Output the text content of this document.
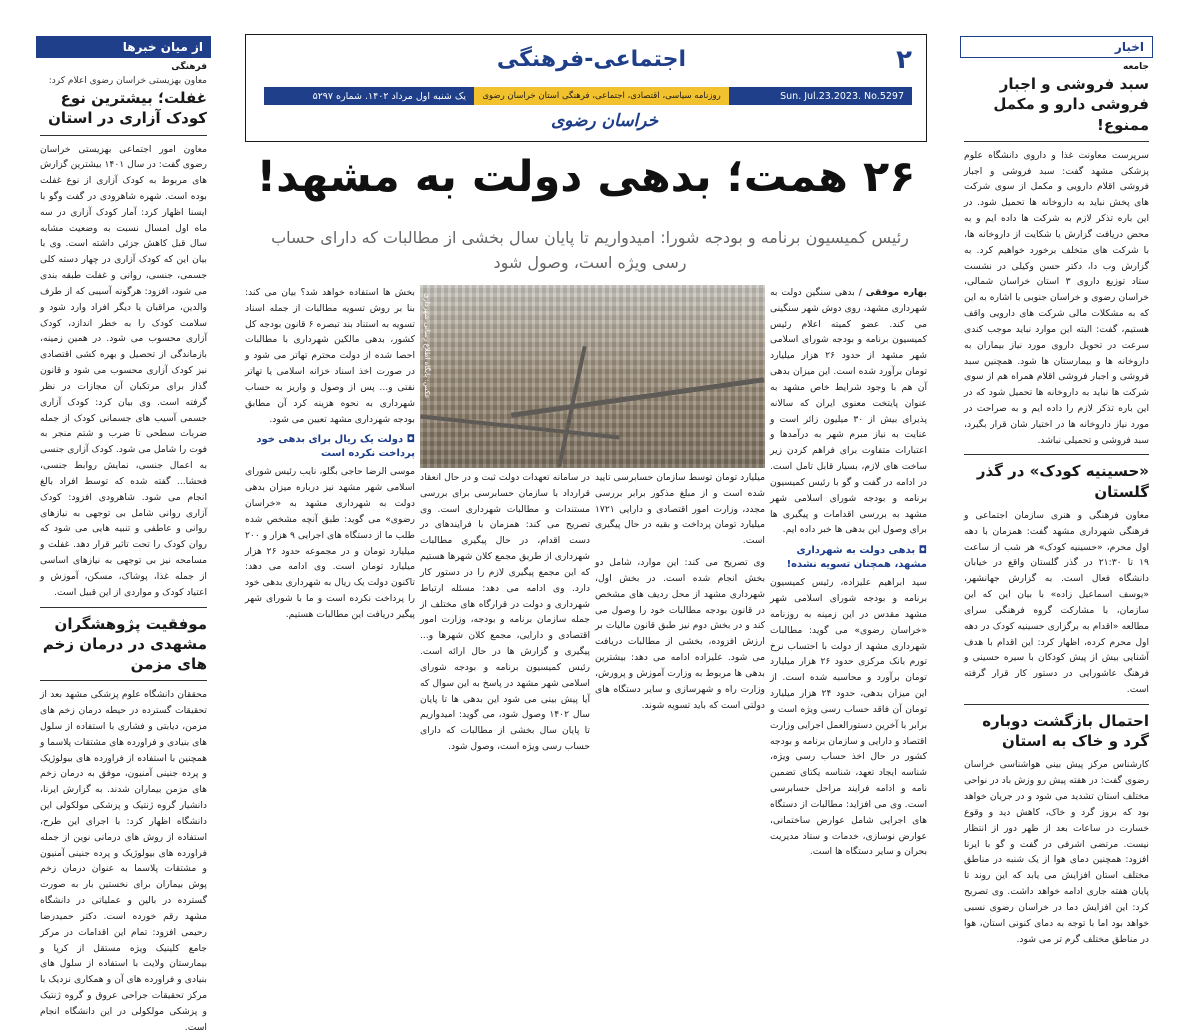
از میان خبرها
فرهنگی
معاون بهزیستی خراسان رضوی اعلام کرد:
غفلت؛ بیشترین نوع کودک آزاری در استان

معاون امور اجتماعی بهزیستی خراسان رضوی گفت: در سال ۱۴۰۱ بیشترین گزارش های مربوط به کودک آزاری از نوع غفلت بوده است. شهره شاهرودی در گفت وگو با ایسنا اظهار کرد: آمار کودک آزاری در سه ماه اول امسال نسبت به وضعیت مشابه سال قبل کاهش جزئی داشته است. وی با بیان این که کودک آزاری در چهار دسته کلی جسمی، جنسی، روانی و غفلت طبقه بندی می شود، افزود: هرگونه آسیبی که از طرف والدین، مراقبان یا دیگر افراد وارد شود و سلامت کودک را به خطر اندازد، کودک آزاری محسوب می شود. در همین زمینه، بازماندگی از تحصیل و بهره کشی اقتصادی نیز کودک آزاری محسوب می شود و قانون گذار برای مرتکبان آن مجازات در نظر گرفته است. وی بیان کرد: کودک آزاری جسمی آسیب های جسمانی کودک از جمله ضربات سطحی تا ضرب و شتم منجر به فوت را شامل می شود. کودک آزاری جنسی به اعمال جنسی، نمایش روابط جنسی، فحشا... گفته شده که توسط افراد بالغ انجام می شود. شاهرودی افزود: کودک آزاری روانی شامل بی توجهی به نیازهای روانی و عاطفی و تنبیه هایی می شود که روان کودک را تحت تاثیر قرار دهد. غفلت و مسامحه نیز بی توجهی به نیازهای اساسی از جمله غذا، پوشاک، مسکن، آموزش و اعتیاد کودک و مواردی از این قبیل است.

موفقیت پژوهشگران مشهدی در درمان زخم های مزمن

محققان دانشگاه علوم پزشکی مشهد بعد از تحقیقات گسترده در حیطه درمان زخم های مزمن، دیابتی و فشاری با استفاده از سلول های بنیادی و فراورده های مشتقات پلاسما و همچنین با استفاده از فراورده های بیولوژیک و پرده جنینی آمنیون، موفق به درمان زخم های مزمن بیماران شدند. به گزارش ایرنا، دانشیار گروه ژنتیک و پزشکی مولکولی این دانشگاه اظهار کرد: با اجرای این طرح، استفاده از روش های درمانی نوین از جمله فراورده های بیولوژیک و پرده جنینی آمنیون و مشتقات پلاسما به عنوان درمان زخم پوش بیماران برای نخستین بار به صورت گسترده در بالین و عملیاتی در دانشگاه مشهد رقم خورده است. دکتر حمیدرضا رحیمی افزود: تمام این اقدامات در مرکز جامع کلینیک ویژه مستقل از کرپا و بیمارستان ولایت با استفاده از سلول های بنیادی و فراورده های آن و همکاری نزدیک با مرکز تحقیقات جراحی عروق و گروه ژنتیک و پزشکی مولکولی در این دانشگاه انجام است.

اخبار
جامعه
سبد فروشی و اجبار فروشی دارو و مکمل ممنوع!

سرپرست معاونت غذا و داروی دانشگاه علوم پزشکی مشهد گفت: سبد فروشی و اجبار فروشی اقلام دارویی و مکمل از سوی شرکت های پخش نباید به داروخانه ها تحمیل شود. در این باره تذکر لازم به شرکت ها داده ایم و به محض دریافت گزارش یا شکایت از داروخانه ها، با شرکت های متخلف برخورد خواهیم کرد. به گزارش وب دا، دکتر حسن وکیلی در نشست ستاد توزیع داروی ۳ استان خراسان شمالی، خراسان رضوی و خراسان جنوبی با اشاره به این که به مشکلات مالی شرکت های دارویی واقف هستیم، گفت: البته این موارد نباید موجب کندی سرعت در تحویل داروی مورد نیاز بیماران به داروخانه ها و بیمارستان ها شود. همچنین سبد فروشی و اجبار فروشی اقلام همراه هم از سوی شرکت ها نباید به داروخانه ها تحمیل شود که در این باره تذکر لازم را داده ایم و به صراحت در مورد نیاز داروخانه ها در اختیار شان قرار بگیرد، سبد فروشی و تحمیلی نباشد.

«حسینیه کودک» در گذر گلستان

معاون فرهنگی و هنری سازمان اجتماعی و فرهنگی شهرداری مشهد گفت: همزمان با دهه اول محرم، «حسینیه کودک» هر شب از ساعت ۱۹ تا ۲۱:۳۰ در گذر گلستان واقع در خیابان دانشگاه فعال است. به گزارش جهانشهر، «یوسف اسماعیل زاده» با بیان این که این سازمان، با مشارکت گروه فرهنگی سرای مطالعه «اقدام به برگزاری حسینیه کودک در دهه اول محرم کرده، اظهار کرد: این اقدام با هدف آشنایی بیش از پیش کودکان با سیره حسینی و فرهنگ عاشورایی در دستور کار قرار گرفته است.

احتمال بازگشت دوباره گرد و خاک به استان

کارشناس مرکز پیش بینی هواشناسی خراسان رضوی گفت: در هفته پیش رو وزش باد در نواحی مختلف استان تشدید می شود و در جریان خواهد بود که بروز گرد و خاک، کاهش دید و وقوع خسارت در ساعات بعد از ظهر دور از انتظار نیست. مرتضی اشرفی در گفت و گو با ایرنا افزود: همچنین دمای هوا از یک شنبه در مناطق مختلف استان افزایش می یابد که این روند تا پایان هفته جاری ادامه خواهد داشت. وی تصریح کرد: این افزایش دما در خراسان رضوی نسبی خواهد بود اما با توجه به دمای کنونی استان، هوا در مناطق مختلف گرم تر می شود.

۲
اجتماعی-فرهنگی
Sun. Jul.23.2023. No.5297
روزنامه سیاسی، اقتصادی، اجتماعی، فرهنگی استان خراسان رضوی
یک شنبه اول مرداد ۱۴۰۲. شماره ۵۲۹۷
خراسان رضوی
۲۶ همت؛ بدهی دولت به مشهد!
رئیس کمیسیون برنامه و بودجه شورا: امیدواریم تا پایان سال بخشی از مطالبات که دارای حساب رسی ویژه است، وصول شود
عکس: پایگاه اطلاع رسانی شهرداری

بهاره موفقی / بدهی سنگین دولت به شهرداری مشهد، روی دوش شهر سنگینی می کند. عضو کمیته اعلام رئیس کمیسیون برنامه و بودجه شورای اسلامی شهر مشهد از حدود ۲۶ هزار میلیارد تومان برآورد شده است. این میزان بدهی آن هم با وجود شرایط خاص مشهد به عنوان پایتخت معنوی ایران که سالانه پذیرای بیش از ۳۰ میلیون زائر است و عنایت به نیاز مبرم شهر به درآمدها و اعتبارات متفاوت برای فراهم کردن زیر ساخت های لازم، بسیار قابل تامل است. در ادامه در گفت و گو با رئیس کمیسیون برنامه و بودجه شورای اسلامی شهر مشهد به بررسی اقدامات و پیگیری ها برای وصول این بدهی ها خبر داده ایم.

◘ بدهی دولت به شهرداری مشهد، همچنان تسویه نشده!

سید ابراهیم علیزاده، رئیس کمیسیون برنامه و بودجه شورای اسلامی شهر مشهد مقدس در این زمینه به روزنامه «خراسان رضوی» می گوید: مطالبات شهرداری مشهد از دولت با احتساب نرخ تورم بانک مرکزی حدود ۲۶ هزار میلیارد تومان برآورد و محاسبه شده است. از این میزان بدهی، حدود ۲۴ هزار میلیارد تومان آن فاقد حساب رسی ویژه است و برابر با آخرین دستورالعمل اجرایی وزارت اقتصاد و دارایی و سازمان برنامه و بودجه کشور در حال اخذ حساب رسی ویژه، شناسه ایجاد تعهد، شناسه یکتای تضمین نامه و ادامه فرایند مراحل حسابرسی است. وی می افزاید: مطالبات از دستگاه های اجرایی شامل عوارض ساختمانی، عوارض نوسازی، خدمات و ستاد مدیریت بحران و سایر دستگاه ها است.

میلیارد تومان توسط سازمان حسابرسی تایید شده است و از مبلغ مذکور برابر بررسی مجدد، وزارت امور اقتصادی و دارایی ۱۷۲۱ میلیارد تومان پرداخت و بقیه در حال پیگیری است.

وی تصریح می کند: این موارد، شامل دو بخش انجام شده است. در بخش اول، شهرداری مشهد از محل ردیف های مشخص در قانون بودجه مطالبات خود را وصول می کند و در بخش دوم نیز طبق قانون مالیات بر ارزش افزوده، بخشی از مطالبات دریافت می شود. علیزاده ادامه می دهد: بیشترین بدهی ها مربوط به وزارت آموزش و پرورش، وزارت راه و شهرسازی و سایر دستگاه های دولتی است که باید تسویه شوند.

در سامانه تعهدات دولت ثبت و در حال انعقاد قرارداد با سازمان حسابرسی برای بررسی مستندات و مطالبات شهرداری است. وی تصریح می کند: همزمان با فرایندهای در دست اقدام، در حال پیگیری مطالبات شهرداری از طریق مجمع کلان شهرها هستیم که این مجمع پیگیری لازم را در دستور کار دارد. وی ادامه می دهد: مسئله ارتباط شهرداری و دولت در قرارگاه های مختلف از جمله سازمان برنامه و بودجه، وزارت امور اقتصادی و دارایی، مجمع کلان شهرها و... پیگیری و گزارش ها در حال ارائه است. رئیس کمیسیون برنامه و بودجه شورای اسلامی شهر مشهد در پاسخ به این سوال که آیا پیش بینی می شود این بدهی ها تا پایان سال ۱۴۰۲ وصول شود، می گوید: امیدواریم تا پایان سال بخشی از مطالبات که دارای حساب رسی ویژه است، وصول شود.

بخش ها استفاده خواهد شد؟ بیان می کند: بنا بر روش تسویه مطالبات از جمله اسناد تسویه به استناد بند تبصره ۶ قانون بودجه کل کشور، بدهی مالکین شهرداری با مطالبات احصا شده از دولت محترم تهاتر می شود و در صورت اخذ اسناد خزانه اسلامی یا تهاتر نفتی و... پس از وصول و واریز به حساب شهرداری به نحوه هزینه کرد آن مطابق بودجه شهرداری مشهد تعیین می شود.

◘ دولت یک ریال برای بدهی خود پرداخت نکرده است

موسی الرضا حاجی بگلو، نایب رئیس شورای اسلامی شهر مشهد نیز درباره میزان بدهی دولت به شهرداری مشهد به «خراسان رضوی» می گوید: طبق آنچه مشخص شده طلب ما از دستگاه های اجرایی ۹ هزار و ۲۰۰ میلیارد تومان و در مجموعه حدود ۲۶ هزار میلیارد تومان است. وی ادامه می دهد: تاکنون دولت یک ریال به شهرداری بدهی خود را پرداخت نکرده است و ما با شورای شهر پیگیر دریافت این مطالبات هستیم.
